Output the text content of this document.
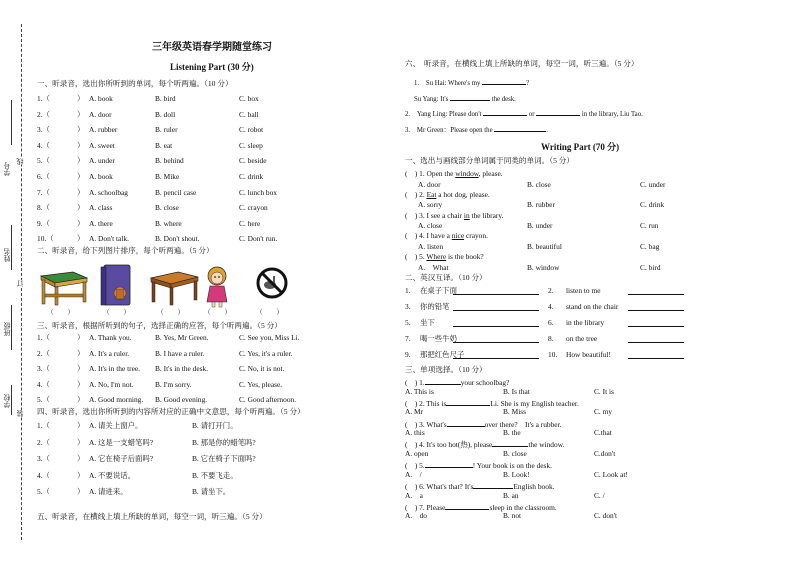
学号
姓名
班级
学校
线
订
装
三年级英语春学期随堂练习
Listening Part (30 分)
一、听录音，选出你所听到的单词，每个听两遍。（10 分）
1.（	） A. book	B. bird	C. box
2.（	） A. door	B. doll	C. ball
3.（	） A. rubber	B. ruler	C. robot
4.（	） A. sweet	B. eat	C. sleep
5.（	） A. under	B. behind	C. beside
6.（	） A. book	B. Mike	C. drink
7.（	） A. schoolbag	B. pencil case	C. lunch box
8.（	） A. class	B. close	C. crayon
9.（	） A. there	B. where	C. here
10.（	） A. Don't talk.	B. Don't shout.	C. Don't run.
二、听录音，给下列图片排序，每个听两遍。（5 分）
（　　）	（　　）	（　　）	（　　）	（　　）
三、听录音，根据所听到的句子，选择正确的应答，每个听两遍。（5 分）
1.（	） A. Thank you.	B. Yes, Mr Green.	C. See you, Miss Li.
2.（	） A. It's a ruler.	B. I have a ruler.	C. Yes, it's a ruler.
3.（	） A. It's in the tree. B. It's in the desk.	C. No, it is not.
4.（	） A. No, I'm not.	B. I'm sorry.	C. Yes, please.
5.（	） A. Good morning. B. Good evening.	C. Good afternoon.
四、听录音，选出你所听到的内容所对应的正确中文意思，每个听两遍。（5 分）
1.（	） A. 请关上窗户。	B. 请打开门。
2.（	） A. 这是一支蜡笔吗?	B. 那是你的蜡笔吗?
3.（	） A. 它在椅子后面吗?	B. 它在椅子下面吗?
4.（	） A. 不要说话。	B. 不要飞走。
5.（	） A. 请进来。	B. 请坐下。
五、听录音，在横线上填上所缺的单词，每空一词，听三遍。（5 分）
六、　听录音，在横线上填上所缺的单词，每空一词，听三遍。（5 分）
1.　Su Hai: Where's my	?
Su Yang: It's	the desk.
2.　Yang Ling: Please don't	or	in the library, Liu Tao.
3.　Mr Green：Please open the	.
Writing Part (70 分)
一、选出与画线部分单词属于同类的单词。（5 分）
(　) 1. Open the window, please.
A. door	B. close	C. under
(　) 2. Eat a hot dog, please.
A. sorry	B. rubber	C. drink
(　) 3. I see a chair in the library.
A. close	B. under	C. run
(　) 4. I have a nice crayon.
A. listen	B. beautiful	C. bag
(　) 5. Where is the book?
A.　What	B. window	C. bird
二、英汉互译。（10 分）
1. 在桌子下面	2. listen to me
3. 你的铅笔	4. stand on the chair
5. 坐下	6. in the library
7. 喝一些牛奶	8. on the tree
9. 那把红色尺子	10. How beautiful!
三、单项选择。（10 分）
(　) 1.	your schoolbag?
A. This is	B. Is that	C. It is
(　) 2. This is	Li. She is my English teacher.
A. Mr	B. Miss	C. my
(　) 3. What's	over there?　It's a rubber.
A. this	B. the	C.that
(　) 4. It's too hot(热), please	the window.
A. open	B. close	C.don't
(　) 5.	! Your book is on the desk.
A.　/	B. Look!	C. Look at!
(　) 6. What's that? It's	English book.
A.　a	B. an	C. /
(　) 7. Please	sleep in the classroom.
A.　do	B. not	C. don't
